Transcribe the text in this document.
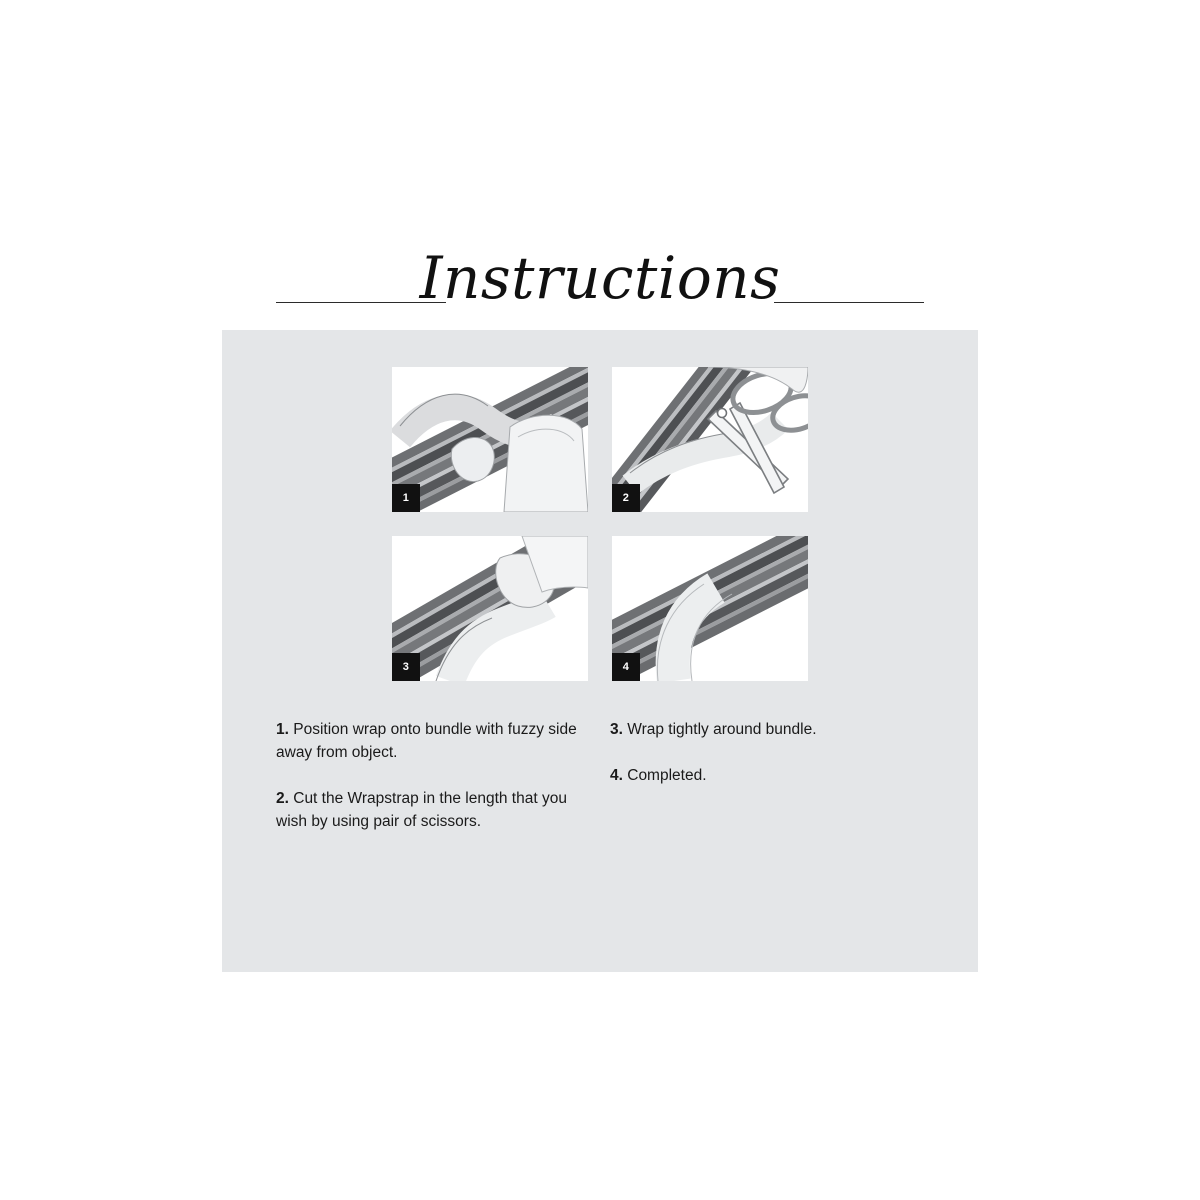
Instructions
1	2
3	4
1. Position wrap onto bundle with fuzzy side away from object.
2. Cut the Wrapstrap in the length that you wish by using pair of scissors.
3. Wrap tightly around bundle.
4. Completed.
